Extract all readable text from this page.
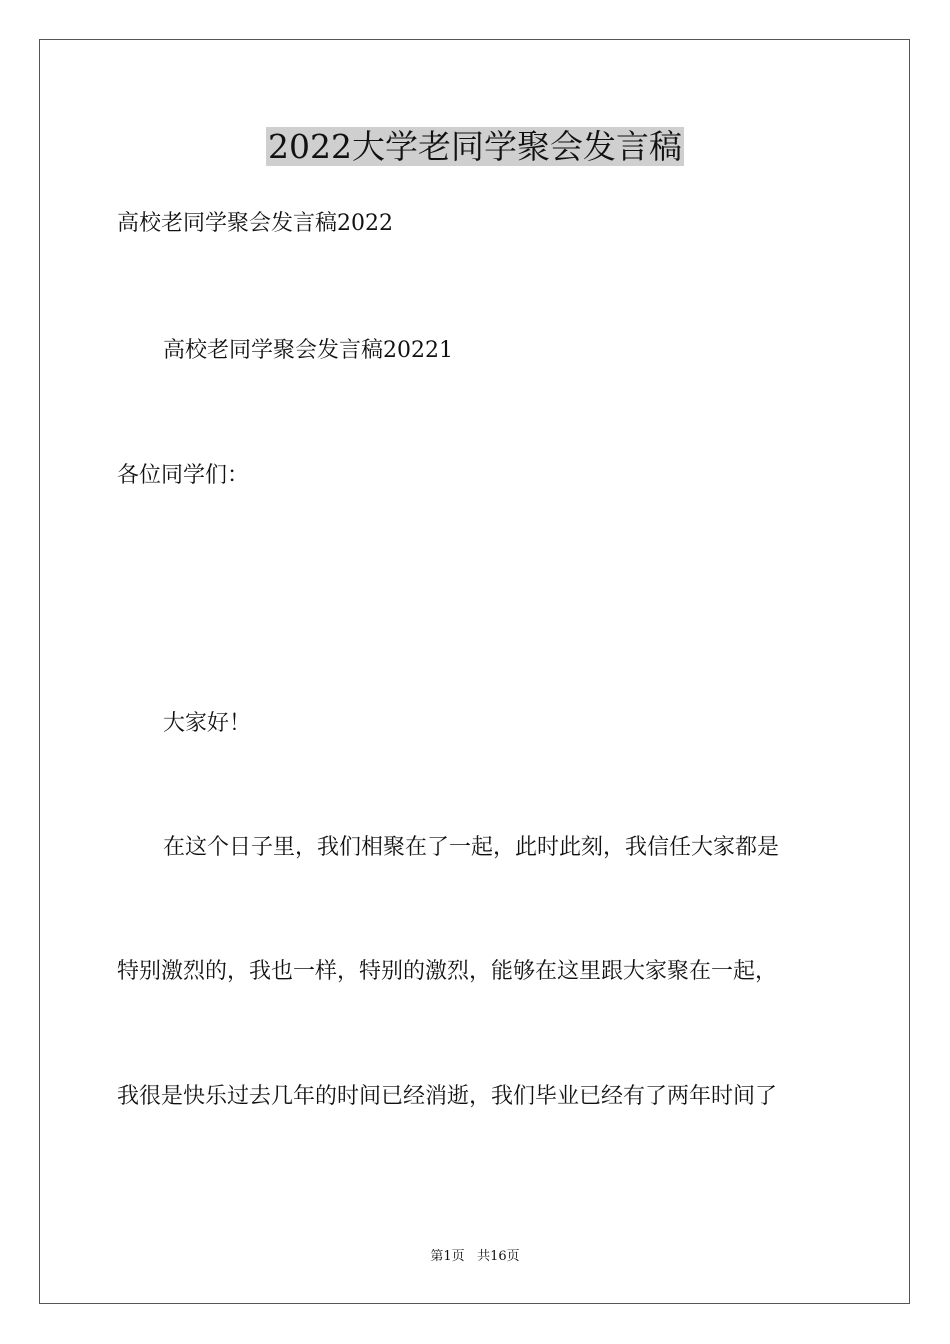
2022大学老同学聚会发言稿
高校老同学聚会发言稿2022
高校老同学聚会发言稿20221
各位同学们：
大家好！
在这个日子里，我们相聚在了一起，此时此刻，我信任大家都是
特别激烈的，我也一样，特别的激烈，能够在这里跟大家聚在一起，
我很是快乐过去几年的时间已经消逝，我们毕业已经有了两年时间了
第1页 共16页
